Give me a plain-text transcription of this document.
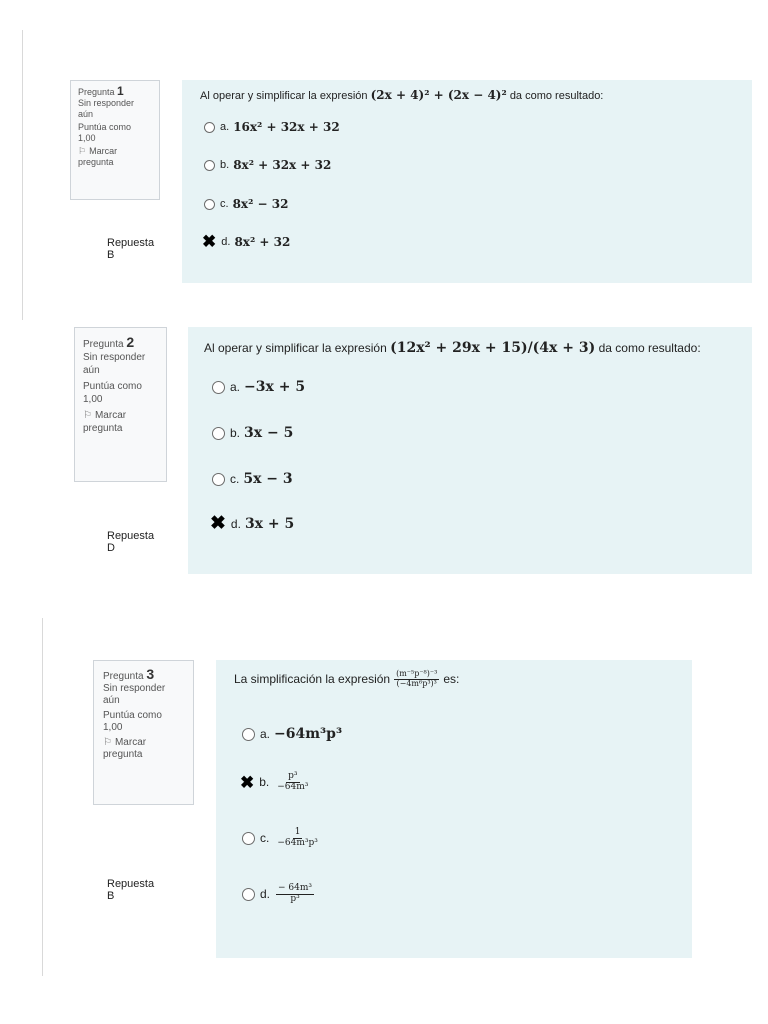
Pregunta 1
Sin responder
aún
Puntúa como
1,00
⚐ Marcar
pregunta
Al operar y simplificar la expresión (2x + 4)² + (2x − 4)² da como resultado:
a. 16x² + 32x + 32
b. 8x² + 32x + 32
c. 8x² − 32
✖ d. 8x² + 32
Repuesta B
Pregunta 2
Sin responder
aún
Puntúa como
1,00
⚐ Marcar
pregunta
Al operar y simplificar la expresión (12x² + 29x + 15)/(4x + 3) da como resultado:
a. −3x + 5
b. 3x − 5
c. 5x − 3
✖ d. 3x + 5
Repuesta D
Pregunta 3
Sin responder
aún
Puntúa como
1,00
⚐ Marcar
pregunta
La simplificación la expresión $\frac{\text{(m⁻⁵p⁻⁸)⁻³}}{\text{(−4m⁶p³)³}}$ es:
a. −64m³p³
✖ b. $\frac{\text{p³}}{\text{−64m³}}$
c. $\frac{1}{\text{−64m³p³}}$
d. $\frac{\text{− 64m³}}{\text{p³}}$
Repuesta B
